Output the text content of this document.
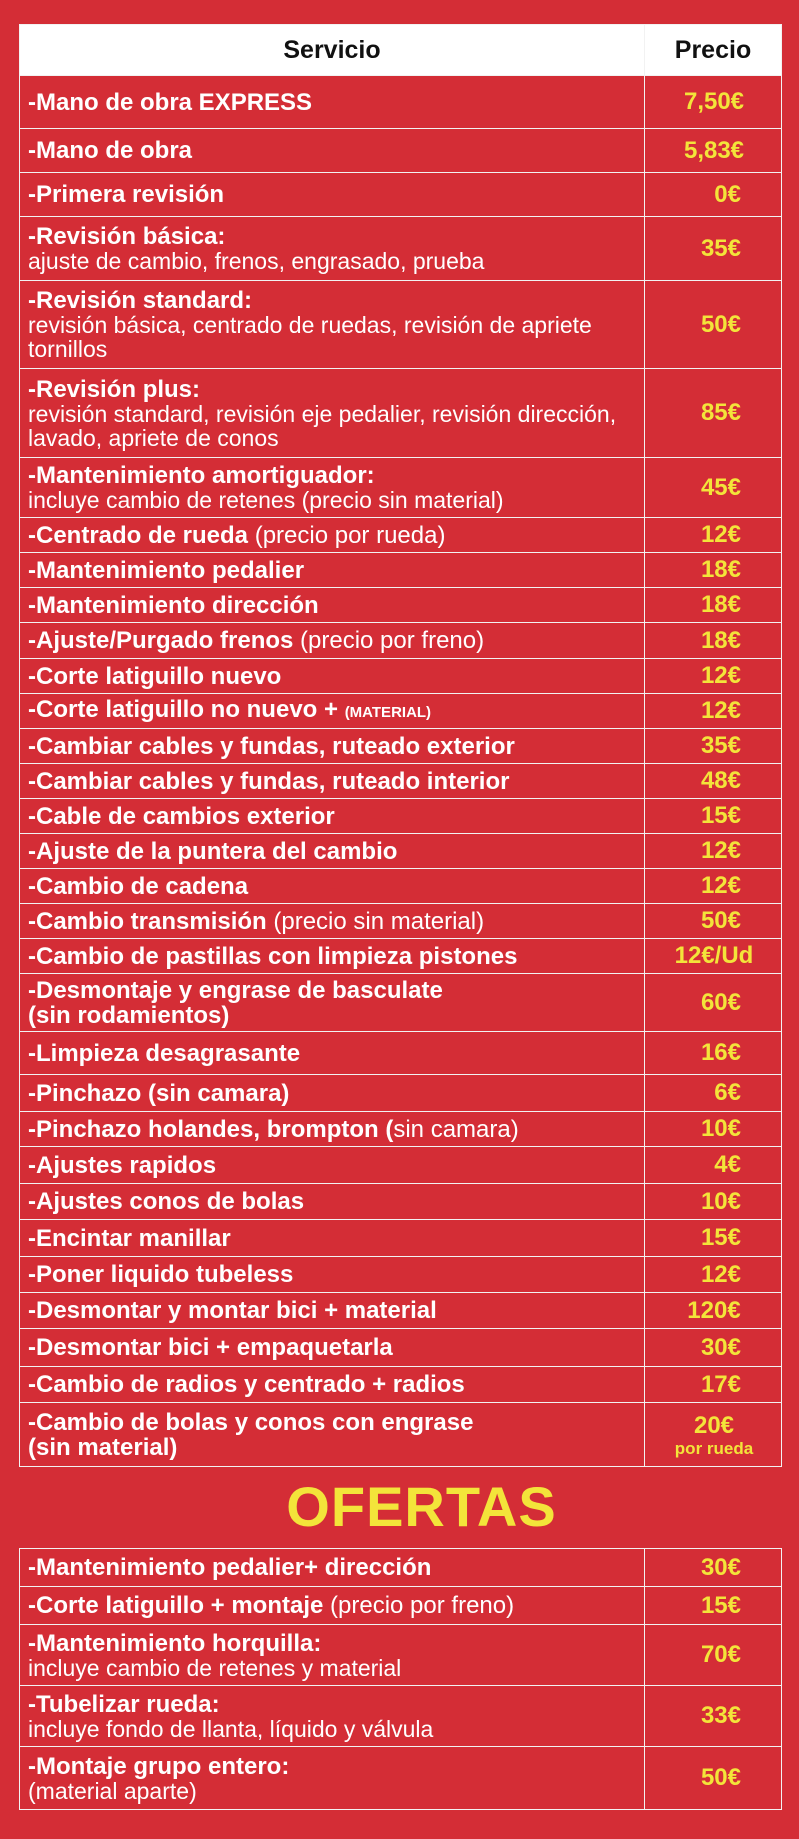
Servicio	Precio
-Mano de obra EXPRESS	7,50€
-Mano de obra	5,83€
-Primera revisión	0€
-Revisión básica:
ajuste de cambio, frenos, engrasado, prueba	35€
-Revisión standard:
revisión básica, centrado de ruedas, revisión de apriete tornillos	50€
-Revisión plus:
revisión standard, revisión eje pedalier, revisión dirección, lavado, apriete de conos	85€
-Mantenimiento amortiguador:
incluye cambio de retenes (precio sin material)	45€
-Centrado de rueda (precio por rueda)	12€
-Mantenimiento pedalier	18€
-Mantenimiento dirección	18€
-Ajuste/Purgado frenos (precio por freno)	18€
-Corte latiguillo nuevo	12€
-Corte latiguillo no nuevo + (MATERIAL)	12€
-Cambiar cables y fundas, ruteado exterior	35€
-Cambiar cables y fundas, ruteado interior	48€
-Cable de cambios exterior	15€
-Ajuste de la puntera del cambio	12€
-Cambio de cadena	12€
-Cambio transmisión (precio sin material)	50€
-Cambio de pastillas con limpieza pistones	12€/Ud
-Desmontaje y engrase de basculate
(sin rodamientos)	60€
-Limpieza desagrasante	16€
-Pinchazo (sin camara)	6€
-Pinchazo holandes, brompton (sin camara)	10€
-Ajustes rapidos	4€
-Ajustes conos de bolas	10€
-Encintar manillar	15€
-Poner liquido tubeless	12€
-Desmontar y montar bici + material	120€
-Desmontar bici + empaquetarla	30€
-Cambio de radios y centrado + radios	17€
-Cambio de bolas y conos con engrase
(sin material)	20€
por rueda
OFERTAS
-Mantenimiento pedalier+ dirección	30€
-Corte latiguillo + montaje (precio por freno)	15€
-Mantenimiento horquilla:
incluye cambio de retenes y material	70€
-Tubelizar rueda:
incluye fondo de llanta, líquido y válvula	33€
-Montaje grupo entero:
(material aparte)	50€
